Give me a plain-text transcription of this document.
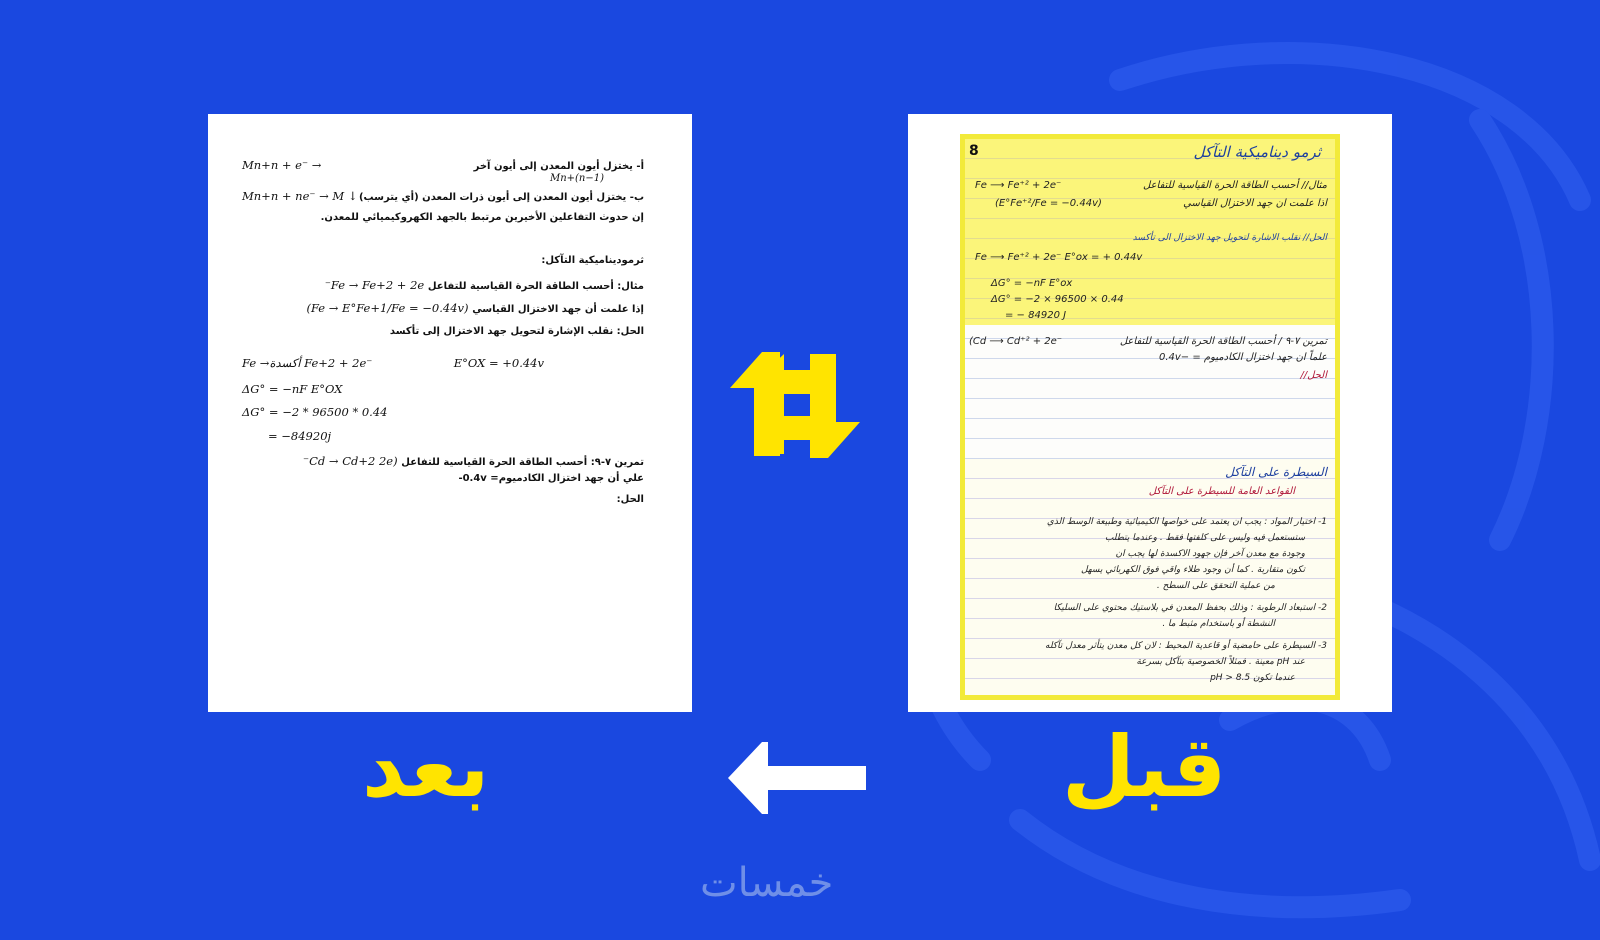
Mn+n + e⁻ →	أ- يختزل أيون المعدن إلى أيون آخر
Mn+(n−1)
Mn+n + ne⁻ → M ↓ ب- يختزل أيون المعدن إلى أيون ذرات المعدن (أي يترسب)
إن حدوث التفاعلين الأخيرين مرتبط بالجهد الكهروكيميائي للمعدن.
ثرموديناميكية التآكل:
مثال: أحسب الطاقة الحرة القياسية للتفاعل Fe → Fe+2 + 2e⁻
إذا علمت أن جهد الاختزال القياسي (Fe → E°Fe+1/Fe = −0.44v)
الحل: نقلب الإشارة لتحويل جهد الاختزال إلى تأكسد
Fe →أكسدة Fe+2 + 2e⁻	E°OX = +0.44v
ΔG° = −nF E°OX
ΔG° = −2 * 96500 * 0.44
= −84920j
تمرين ٧-٩: أحسب الطاقة الحرة القياسية للتفاعل (Cd → Cd+2 2e⁻
علي أن جهد اختزال الكادميوم= 0.4v-
الحل:
8	ثرمو ديناميكية التآكل
مثال// أحسب الطاقة الحرة القياسية للتفاعل
Fe ⟶ Fe⁺² + 2e⁻
اذا علمت ان جهد الاختزال القياسي
(E°Fe⁺²/Fe = −0.44v)
الحل// نقلب الاشارة لتحويل جهد الاختزال الى تأكسد
Fe ⟶ Fe⁺² + 2e⁻ E°ox = + 0.44v
ΔG° = −nF E°ox
ΔG° = −2 × 96500 × 0.44
= − 84920 J
تمرين ٧-٩ / أحسب الطاقة الحرة القياسية للتفاعل
(Cd ⟶ Cd⁺² + 2e⁻
علماً ان جهد اختزال الكادميوم = −0.4v
الحل//
السيطرة على التآكل
القواعد العامة للسيطرة على التآكل
1- اختيار المواد : يجب ان يعتمد على خواصها الكيميائية وطبيعة الوسط الذي
ستستعمل فيه وليس على كلفتها فقط . وعندما يتطلب
وجودة مع معدن آخر فإن جهود الاكسدة لها يجب ان
تكون متقاربة . كما أن وجود طلاء واقي فوق الكهربائي يسهل
من عملية التحقق على السطح .
2- استبعاد الرطوبة : وذلك بحفظ المعدن في بلاستيك محتوي على السليكا
النشطة أو باستخدام مثبط ما .
3- السيطرة على حامضية أو قاعدية المحيط : لان كل معدن يتأثر معدل تآكله
عند pH معينة . فمثلاً الخصوصية بتآكل بسرعة
عندما تكون pH > 8.5
قبل
بعد
خمسات
